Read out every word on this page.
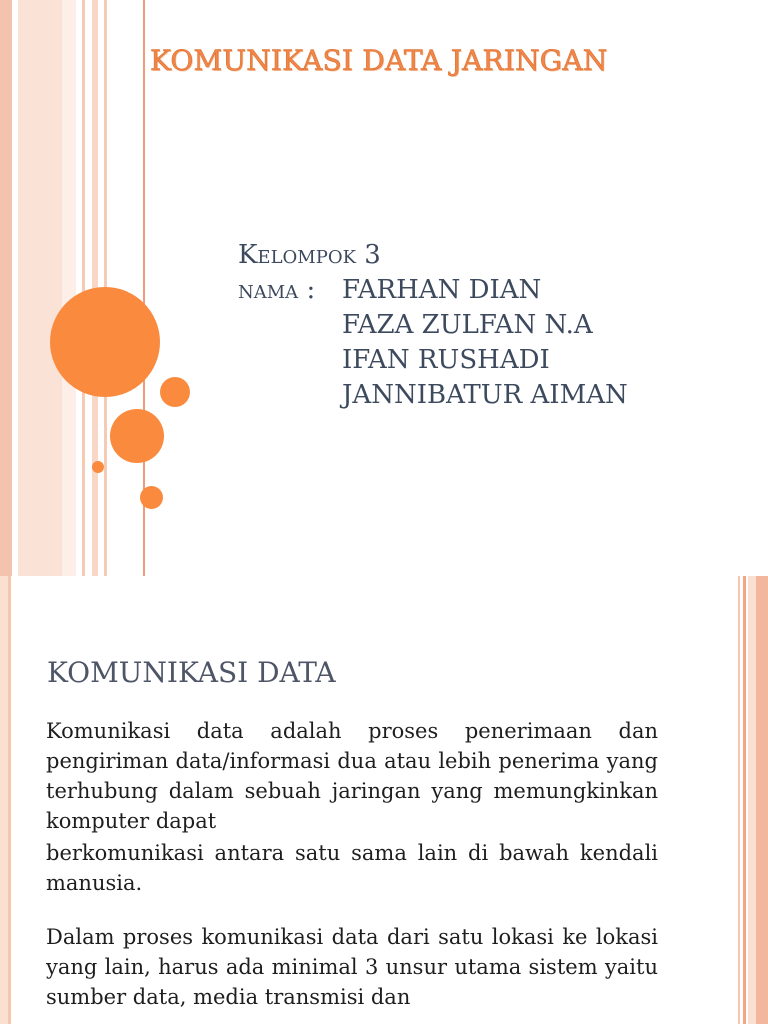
KOMUNIKASI DATA JARINGAN
Kelompok 3
nama : FARHAN DIAN
FAZA ZULFAN N.A
IFAN RUSHADI
JANNIBATUR AIMAN
KOMUNIKASI DATA

Komunikasi data adalah proses penerimaan dan pengiriman data/informasi dua atau lebih penerima yang terhubung dalam sebuah jaringan yang memungkinkan komputer dapat

berkomunikasi antara satu sama lain di bawah kendali manusia.

Dalam proses komunikasi data dari satu lokasi ke lokasi yang lain, harus ada minimal 3 unsur utama sistem yaitu sumber data, media transmisi dan
